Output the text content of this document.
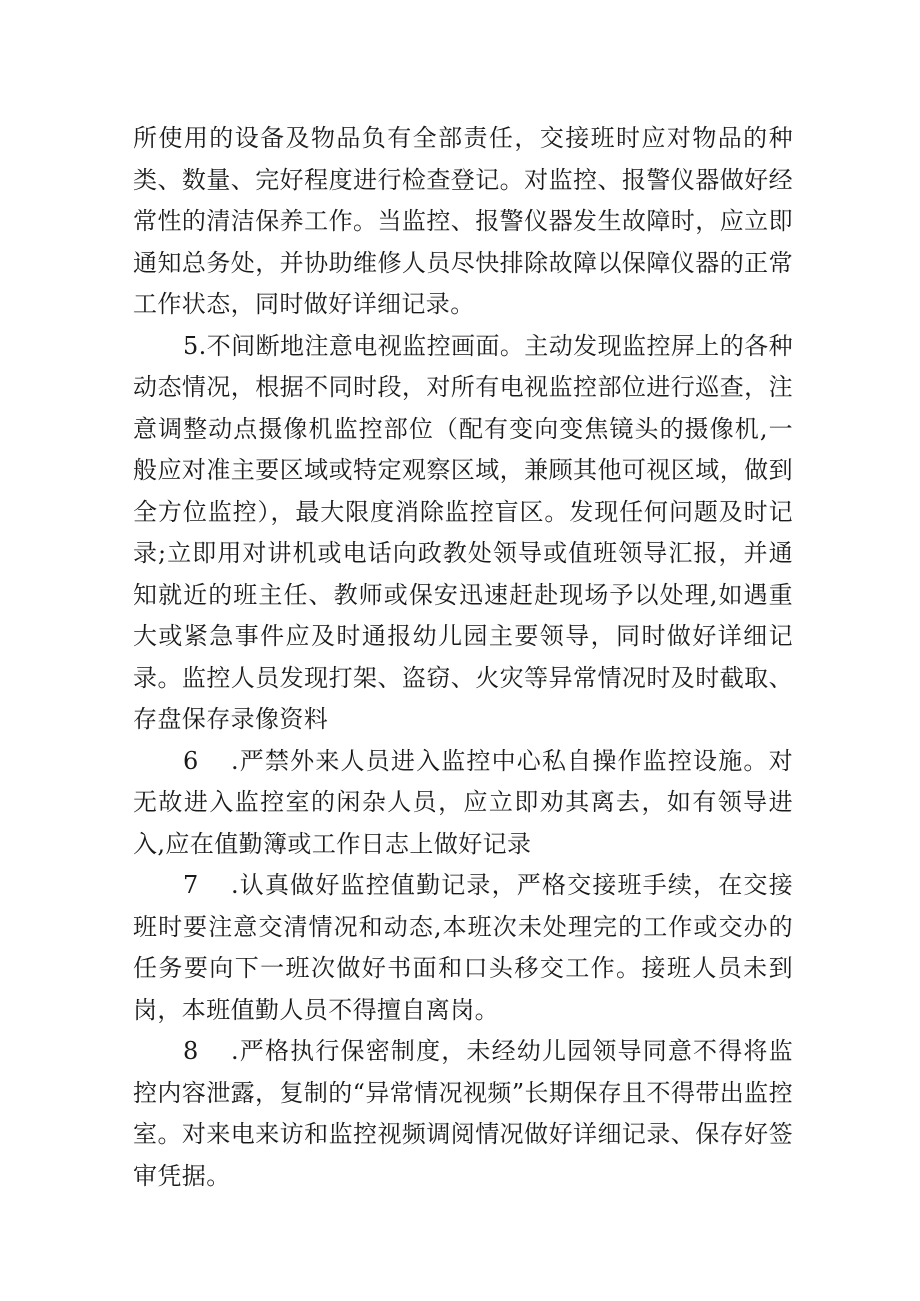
所使用的设备及物品负有全部责任，交接班时应对物品的种类、数量、完好程度进行检查登记。对监控、报警仪器做好经常性的清洁保养工作。当监控、报警仪器发生故障时，应立即通知总务处，并协助维修人员尽快排除故障以保障仪器的正常工作状态，同时做好详细记录。

5.不间断地注意电视监控画面。主动发现监控屏上的各种动态情况，根据不同时段，对所有电视监控部位进行巡查，注意调整动点摄像机监控部位（配有变向变焦镜头的摄像机,一般应对准主要区域或特定观察区域，兼顾其他可视区域，做到全方位监控），最大限度消除监控盲区。发现任何问题及时记录;立即用对讲机或电话向政教处领导或值班领导汇报，并通知就近的班主任、教师或保安迅速赶赴现场予以处理,如遇重大或紧急事件应及时通报幼儿园主要领导，同时做好详细记录。监控人员发现打架、盗窃、火灾等异常情况时及时截取、存盘保存录像资料

6 .严禁外来人员进入监控中心私自操作监控设施。对无故进入监控室的闲杂人员，应立即劝其离去，如有领导进入,应在值勤簿或工作日志上做好记录

7 .认真做好监控值勤记录，严格交接班手续，在交接班时要注意交清情况和动态,本班次未处理完的工作或交办的任务要向下一班次做好书面和口头移交工作。接班人员未到岗，本班值勤人员不得擅自离岗。

8 .严格执行保密制度，未经幼儿园领导同意不得将监控内容泄露，复制的“异常情况视频”长期保存且不得带出监控室。对来电来访和监控视频调阅情况做好详细记录、保存好签审凭据。
